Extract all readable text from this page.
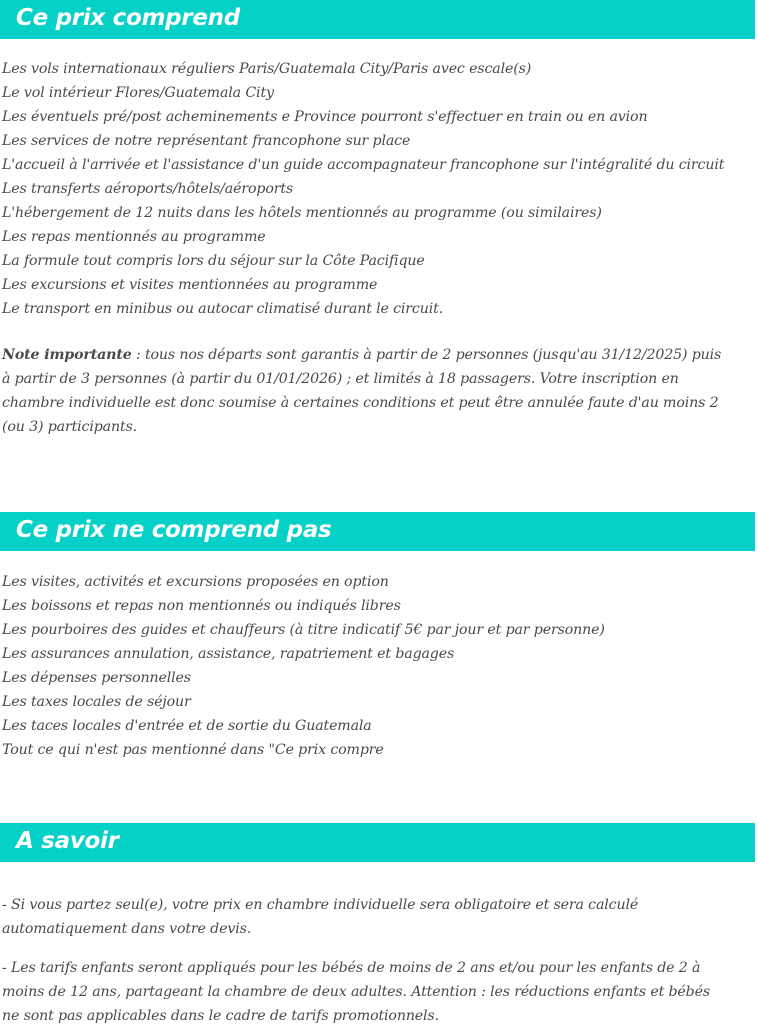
Ce prix comprend
Les vols internationaux réguliers Paris/Guatemala City/Paris avec escale(s)
Le vol intérieur Flores/Guatemala City
Les éventuels pré/post acheminements e Province pourront s'effectuer en train ou en avion
Les services de notre représentant francophone sur place
L'accueil à l'arrivée et l'assistance d'un guide accompagnateur francophone sur l'intégralité du circuit
Les transferts aéroports/hôtels/aéroports
L'hébergement de 12 nuits dans les hôtels mentionnés au programme (ou similaires)
Les repas mentionnés au programme
La formule tout compris lors du séjour sur la Côte Pacifique
Les excursions et visites mentionnées au programme
Le transport en minibus ou autocar climatisé durant le circuit.

Note importante : tous nos départs sont garantis à partir de 2 personnes (jusqu'au 31/12/2025) puis à partir de 3 personnes (à partir du 01/01/2026) ; et limités à 18 passagers. Votre inscription en chambre individuelle est donc soumise à certaines conditions et peut être annulée faute d'au moins 2 (ou 3) participants.

Ce prix ne comprend pas
Les visites, activités et excursions proposées en option
Les boissons et repas non mentionnés ou indiqués libres
Les pourboires des guides et chauffeurs (à titre indicatif 5€ par jour et par personne)
Les assurances annulation, assistance, rapatriement et bagages
Les dépenses personnelles
Les taxes locales de séjour
Les taces locales d'entrée et de sortie du Guatemala
Tout ce qui n'est pas mentionné dans "Ce prix compre
A savoir

- Si vous partez seul(e), votre prix en chambre individuelle sera obligatoire et sera calculé automatiquement dans votre devis.

- Les tarifs enfants seront appliqués pour les bébés de moins de 2 ans et/ou pour les enfants de 2 à moins de 12 ans, partageant la chambre de deux adultes. Attention : les réductions enfants et bébés ne sont pas applicables dans le cadre de tarifs promotionnels.
